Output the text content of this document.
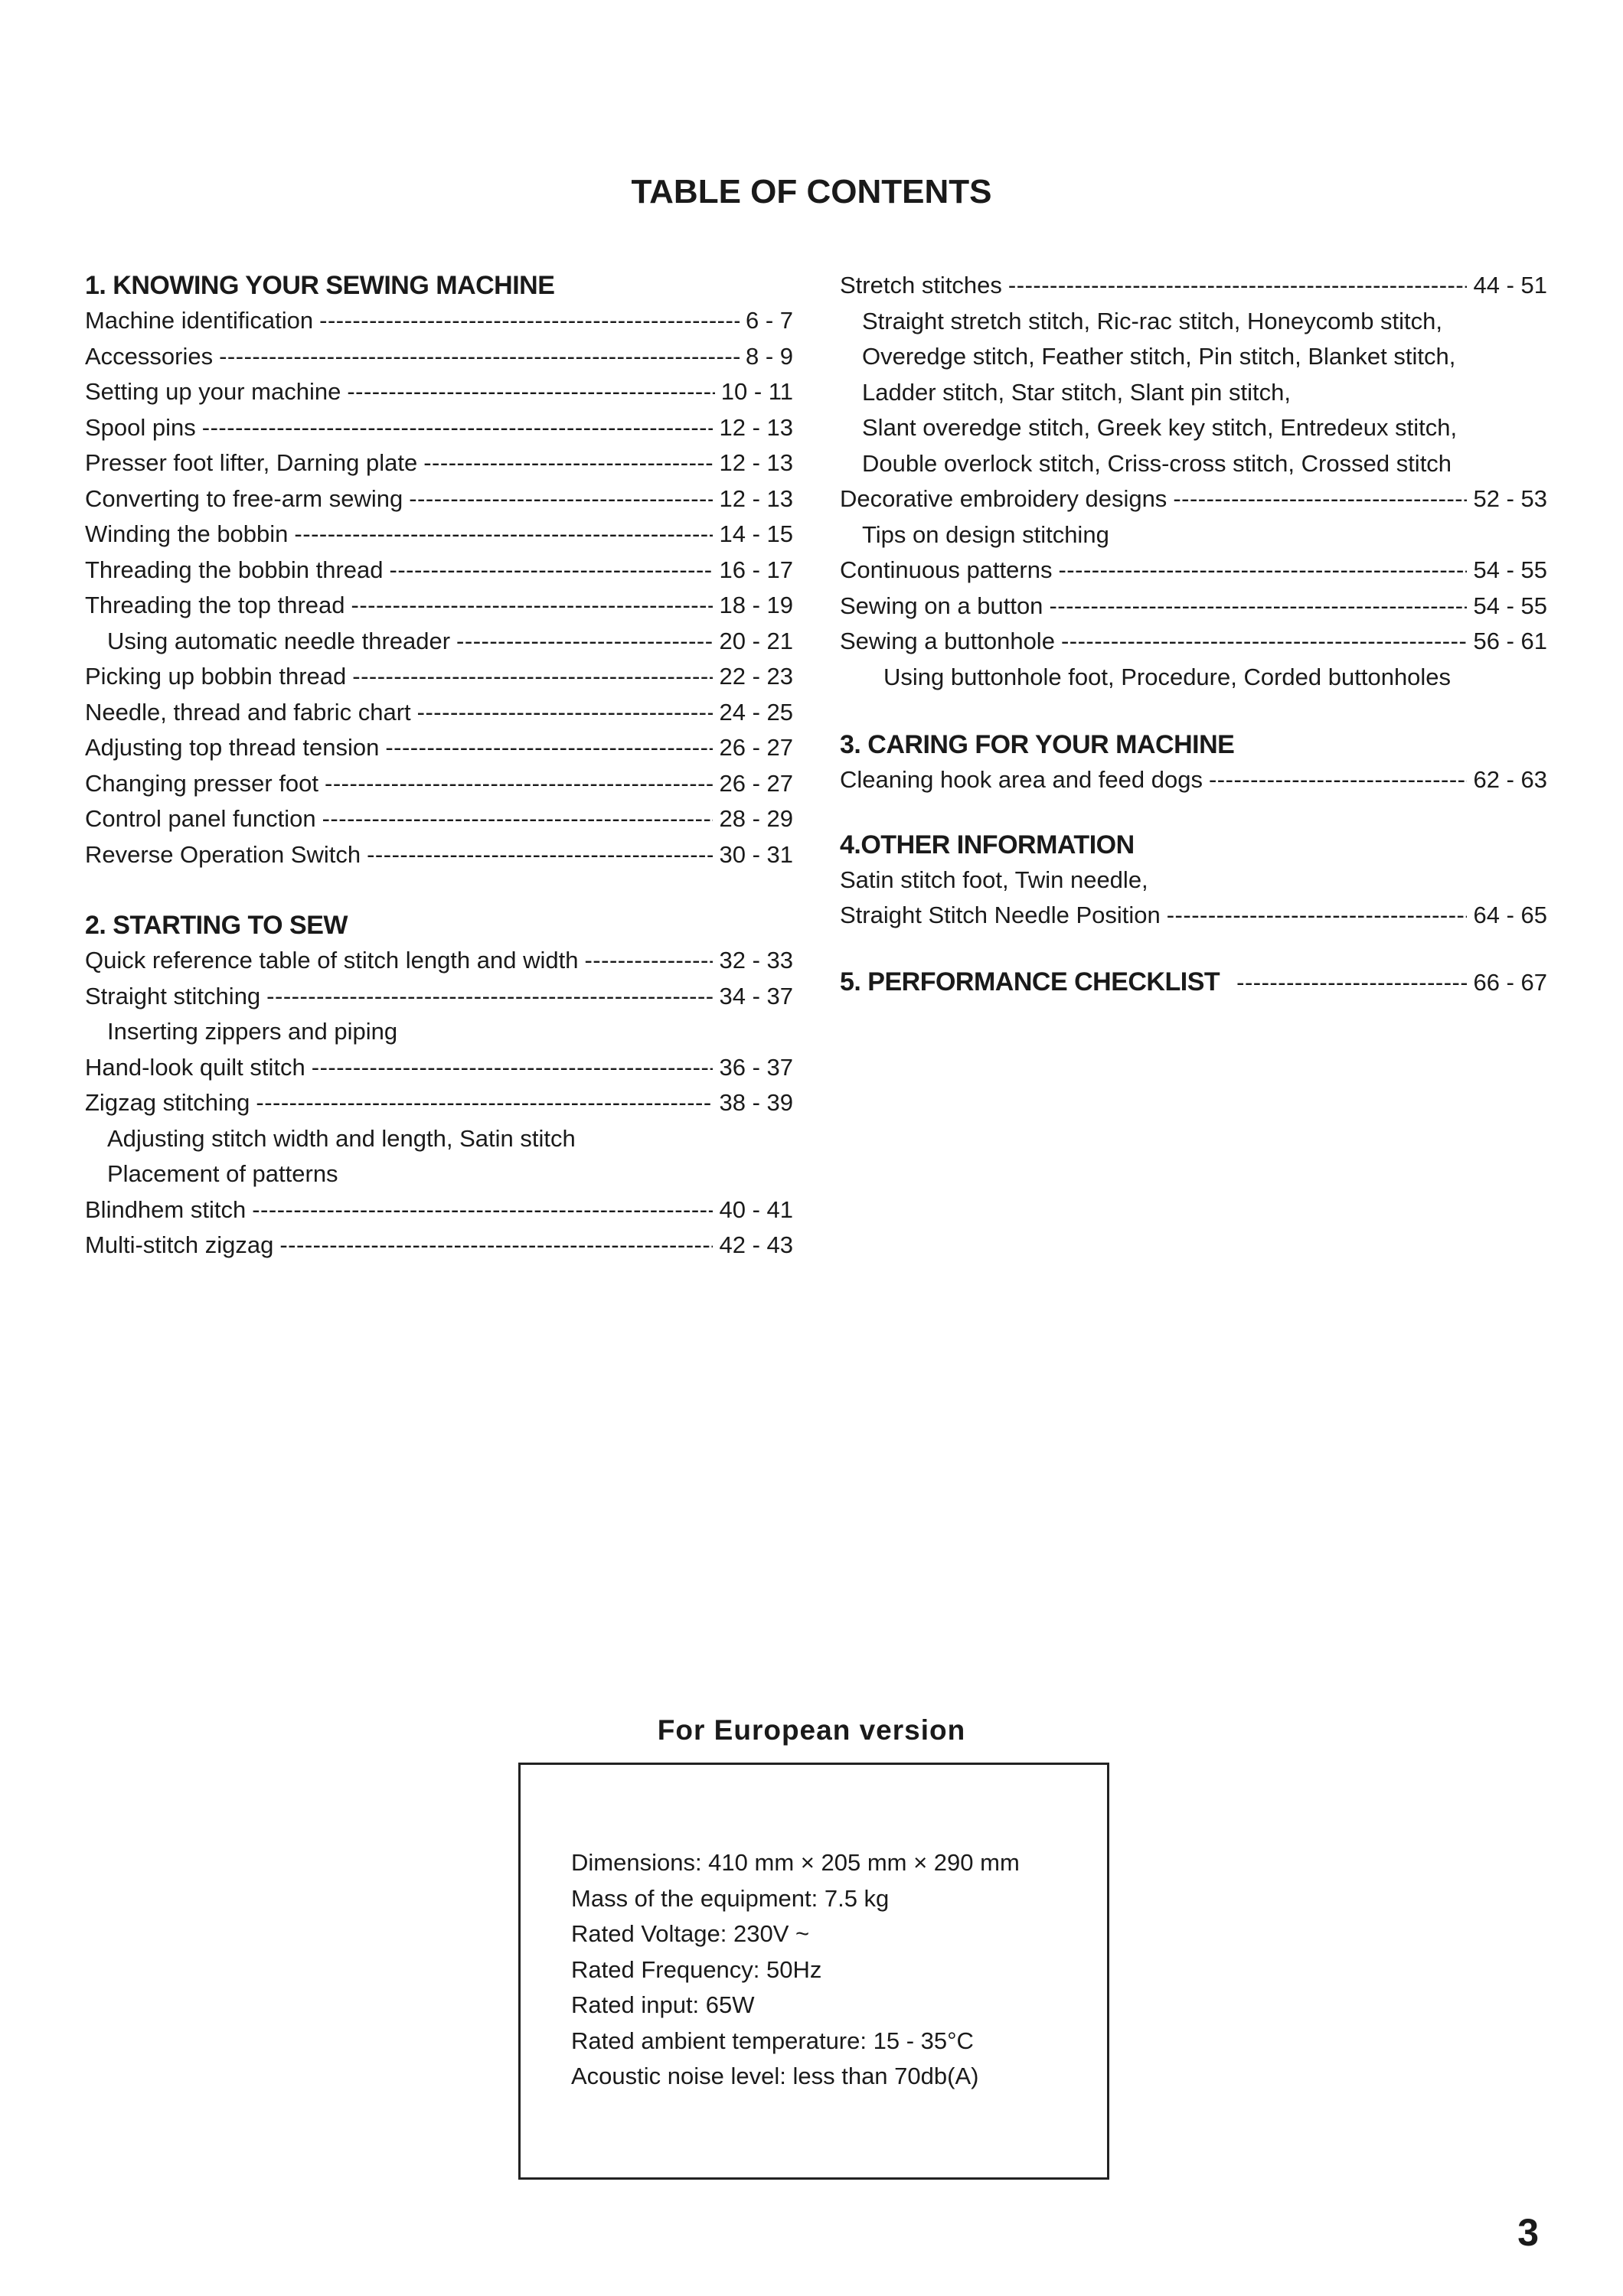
TABLE OF CONTENTS
1. KNOWING YOUR SEWING MACHINE
Machine identification -----	6 - 7
Accessories -----	8 - 9
Setting up your machine -----	10 - 11
Spool pins -----	12 - 13
Presser foot lifter, Darning plate -----	12 - 13
Converting to free-arm sewing -----	12 - 13
Winding the bobbin -----	14 - 15
Threading the bobbin thread -----	16 - 17
Threading the top thread -----	18 - 19
Using automatic needle threader -----	20 - 21
Picking up bobbin thread -----	22 - 23
Needle, thread and fabric chart -----	24 - 25
Adjusting top thread tension -----	26 - 27
Changing presser foot -----	26 - 27
Control panel function -----	28 - 29
Reverse Operation Switch -----	30 - 31
2. STARTING TO SEW
Quick reference table of stitch length and width -----	32 - 33
Straight stitching -----	34 - 37
Inserting zippers and piping
Hand-look quilt stitch -----	36 - 37
Zigzag stitching -----	38 - 39
Adjusting stitch width and length, Satin stitch
Placement of patterns
Blindhem stitch -----	40 - 41
Multi-stitch zigzag -----	42 - 43
Stretch stitches -----	44 - 51
Straight stretch stitch, Ric-rac stitch, Honeycomb stitch,
Overedge stitch, Feather stitch, Pin stitch, Blanket stitch,
Ladder stitch, Star stitch, Slant pin stitch,
Slant overedge stitch, Greek key stitch, Entredeux stitch,
Double overlock stitch, Criss-cross stitch, Crossed stitch
Decorative embroidery designs -----	52 - 53
Tips on design stitching
Continuous patterns -----	54 - 55
Sewing on a button -----	54 - 55
Sewing a buttonhole -----	56 - 61
Using buttonhole foot, Procedure, Corded buttonholes
3. CARING FOR YOUR MACHINE
Cleaning hook area and feed dogs -----	62 - 63
4.OTHER INFORMATION
Satin stitch foot, Twin needle,
Straight Stitch Needle Position -----	64 - 65
5. PERFORMANCE CHECKLIST -----	66 - 67
For European version
Dimensions: 410 mm × 205 mm × 290 mm
Mass of the equipment: 7.5 kg
Rated Voltage: 230V ~
Rated Frequency: 50Hz
Rated input: 65W
Rated ambient temperature: 15 - 35°C
Acoustic noise level: less than 70db(A)
3
